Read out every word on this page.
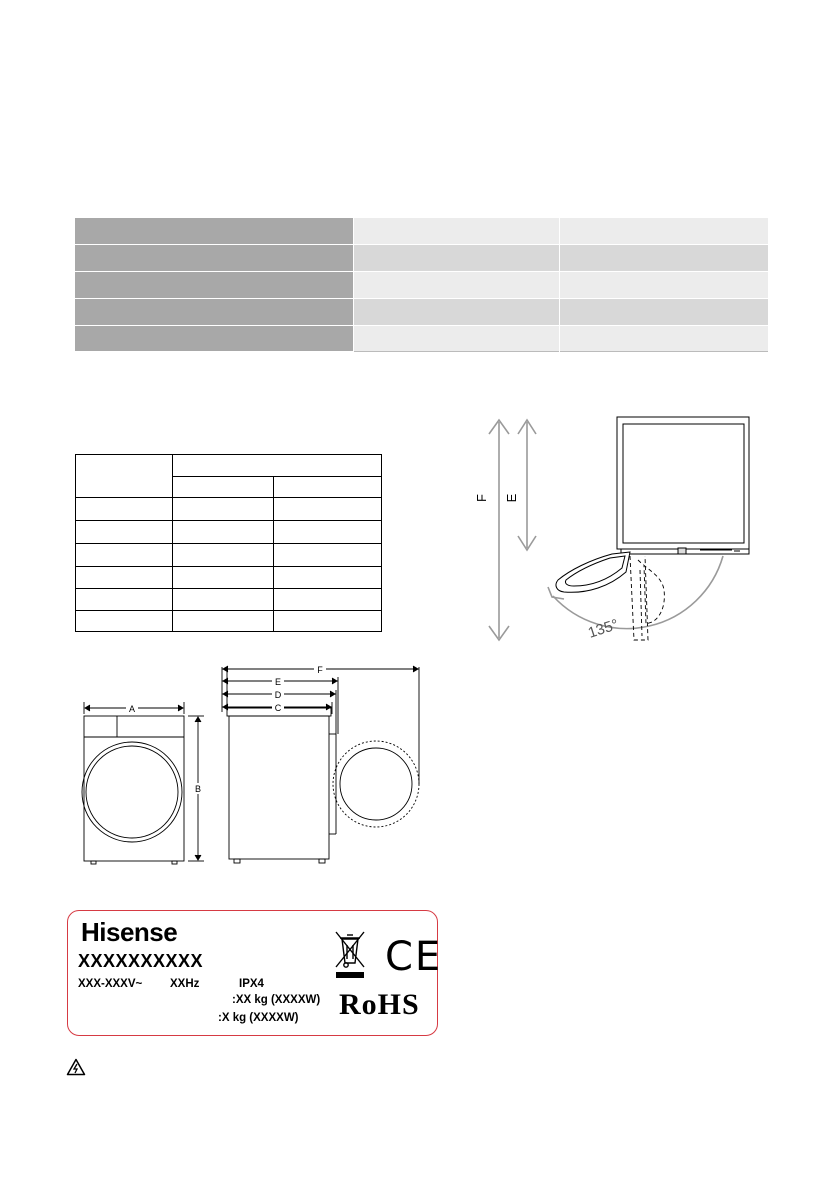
F E
135°
A
B
C
D
E
F
Hisense
XXXXXXXXXX
XXX-XXXV~ XXHz	IPX4
:XX kg (XXXXW)
:X kg (XXXXW)
CE
RoHS
